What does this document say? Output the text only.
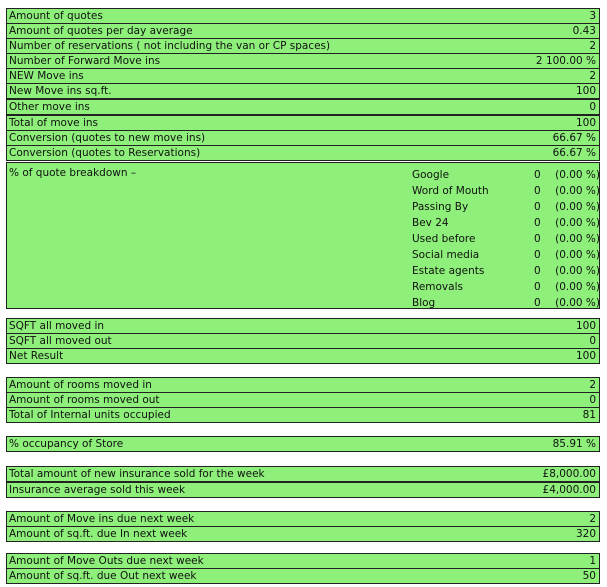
Amount of quotes	3
Amount of quotes per day average	0.43
Number of reservations ( not including the van or CP spaces)	2
Number of Forward Move ins	2 100.00 %
NEW Move ins	2
New Move ins sq.ft.	100
Other move ins	0
Total of move ins	100
Conversion (quotes to new move ins)	66.67 %
Conversion (quotes to Reservations)	66.67 %
% of quote breakdown –	Google	0 (0.00 %)
Word of Mouth	0 (0.00 %)
Passing By	0 (0.00 %)
Bev 24	0 (0.00 %)
Used before	0 (0.00 %)
Social media	0 (0.00 %)
Estate agents	0 (0.00 %)
Removals	0 (0.00 %)
Blog	0 (0.00 %)
SQFT all moved in	100
SQFT all moved out	0
Net Result	100
Amount of rooms moved in	2
Amount of rooms moved out	0
Total of Internal units occupied	81
% occupancy of Store	85.91 %
Total amount of new insurance sold for the week	£8,000.00
Insurance average sold this week	£4,000.00
Amount of Move ins due next week	2
Amount of sq.ft. due In next week	320
Amount of Move Outs due next week	1
Amount of sq.ft. due Out next week	50
